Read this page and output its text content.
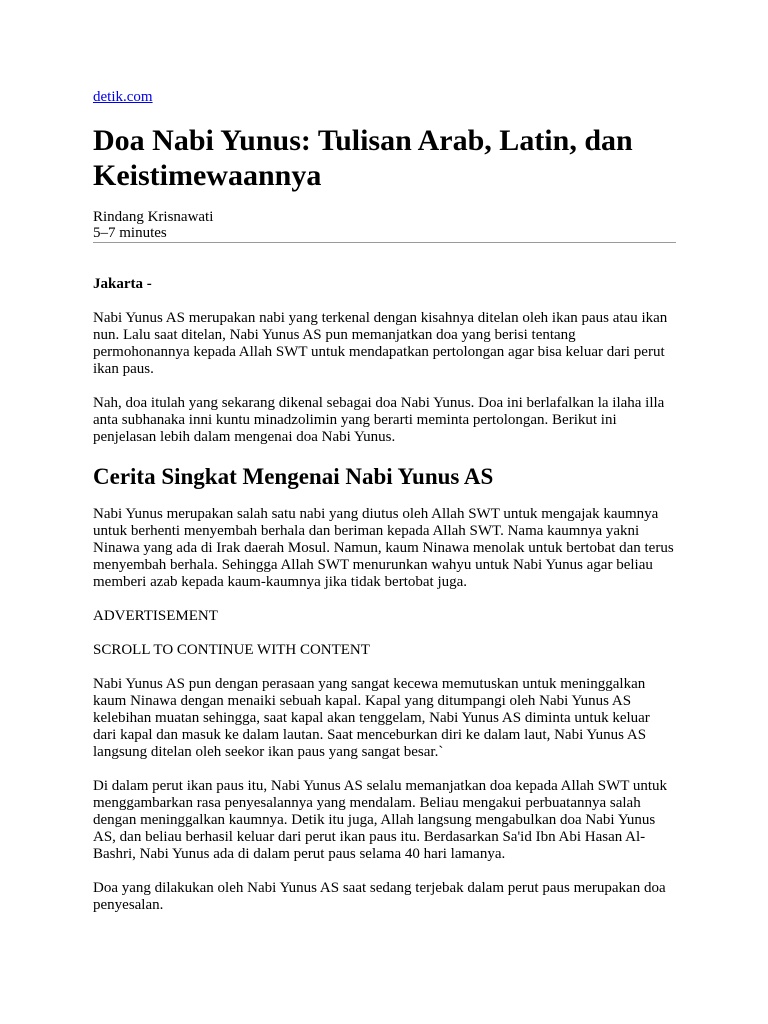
detik.com
Doa Nabi Yunus: Tulisan Arab, Latin, dan Keistimewaannya
Rindang Krisnawati
5–7 minutes
Jakarta -

Nabi Yunus AS merupakan nabi yang terkenal dengan kisahnya ditelan oleh ikan paus atau ikan nun. Lalu saat ditelan, Nabi Yunus AS pun memanjatkan doa yang berisi tentang permohonannya kepada Allah SWT untuk mendapatkan pertolongan agar bisa keluar dari perut ikan paus.

Nah, doa itulah yang sekarang dikenal sebagai doa Nabi Yunus. Doa ini berlafalkan la ilaha illa anta subhanaka inni kuntu minadzolimin yang berarti meminta pertolongan. Berikut ini penjelasan lebih dalam mengenai doa Nabi Yunus.

Cerita Singkat Mengenai Nabi Yunus AS

Nabi Yunus merupakan salah satu nabi yang diutus oleh Allah SWT untuk mengajak kaumnya untuk berhenti menyembah berhala dan beriman kepada Allah SWT. Nama kaumnya yakni Ninawa yang ada di Irak daerah Mosul. Namun, kaum Ninawa menolak untuk bertobat dan terus menyembah berhala. Sehingga Allah SWT menurunkan wahyu untuk Nabi Yunus agar beliau memberi azab kepada kaum-kaumnya jika tidak bertobat juga.

ADVERTISEMENT

SCROLL TO CONTINUE WITH CONTENT

Nabi Yunus AS pun dengan perasaan yang sangat kecewa memutuskan untuk meninggalkan kaum Ninawa dengan menaiki sebuah kapal. Kapal yang ditumpangi oleh Nabi Yunus AS kelebihan muatan sehingga, saat kapal akan tenggelam, Nabi Yunus AS diminta untuk keluar dari kapal dan masuk ke dalam lautan. Saat menceburkan diri ke dalam laut, Nabi Yunus AS langsung ditelan oleh seekor ikan paus yang sangat besar.`

Di dalam perut ikan paus itu, Nabi Yunus AS selalu memanjatkan doa kepada Allah SWT untuk menggambarkan rasa penyesalannya yang mendalam. Beliau mengakui perbuatannya salah dengan meninggalkan kaumnya. Detik itu juga, Allah langsung mengabulkan doa Nabi Yunus AS, dan beliau berhasil keluar dari perut ikan paus itu. Berdasarkan Sa'id Ibn Abi Hasan Al-Bashri, Nabi Yunus ada di dalam perut paus selama 40 hari lamanya.

Doa yang dilakukan oleh Nabi Yunus AS saat sedang terjebak dalam perut paus merupakan doa penyesalan.
